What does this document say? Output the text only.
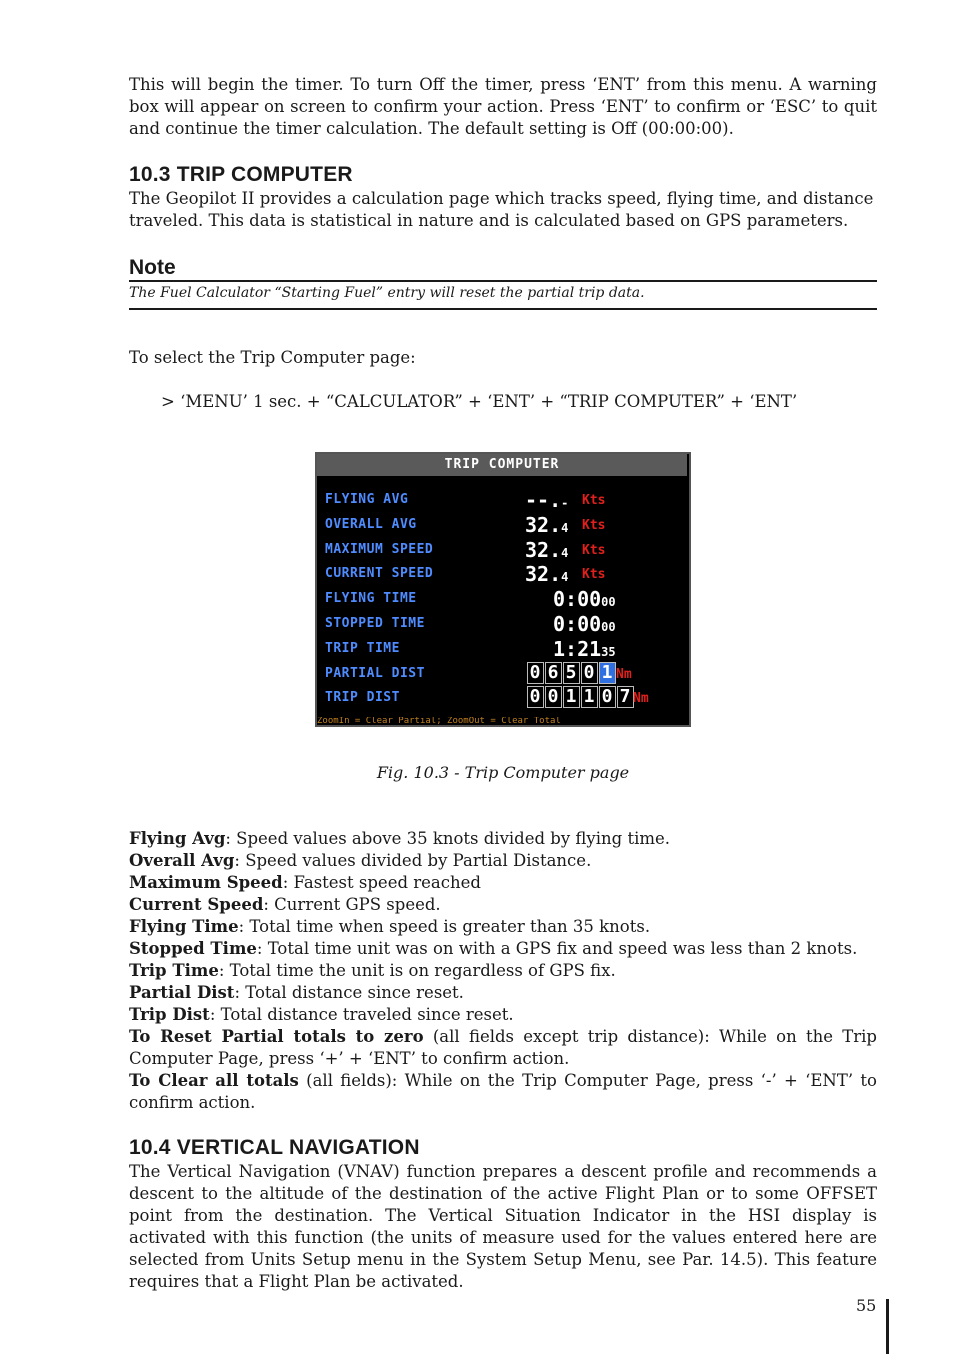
This will begin the timer. To turn Off the timer, press ‘ENT’ from this menu. A warning box will appear on screen to confirm your action. Press ‘ENT’ to confirm or ‘ESC’ to quit and continue the timer calculation. The default setting is Off (00:00:00).

10.3 TRIP COMPUTER

The Geopilot II provides a calculation page which tracks speed, flying time, and distance traveled. This data is statistical in nature and is calculated based on GPS parameters.

Note
The Fuel Calculator “Starting Fuel” entry will reset the partial trip data.

To select the Trip Computer page:

> ‘MENU’ 1 sec. + “CALCULATOR” + ‘ENT’ + “TRIP COMPUTER” + ‘ENT’

Fig. 10.3 - Trip Computer page

Flying Avg: Speed values above 35 knots divided by flying time.

Overall Avg: Speed values divided by Partial Distance.

Maximum Speed: Fastest speed reached

Current Speed: Current GPS speed.

Flying Time: Total time when speed is greater than 35 knots.

Stopped Time: Total time unit was on with a GPS fix and speed was less than 2 knots.

Trip Time: Total time the unit is on regardless of GPS fix.

Partial Dist: Total distance since reset.

Trip Dist: Total distance traveled since reset.

To Reset Partial totals to zero (all fields except trip distance): While on the Trip Computer Page, press ‘+’ + ‘ENT’ to confirm action.

To Clear all totals (all fields): While on the Trip Computer Page, press ‘-’ + ‘ENT’ to confirm action.

10.4 VERTICAL NAVIGATION

The Vertical Navigation (VNAV) function prepares a descent profile and recommends a descent to the altitude of the destination of the active Flight Plan or to some OFFSET point from the destination. The Vertical Situation Indicator in the HSI display is activated with this function (the units of measure used for the values entered here are selected from Units Setup menu in the System Setup Menu, see Par. 14.5). This feature requires that a Flight Plan be activated.

TRIP COMPUTER
FLYING AVG	--.- Kts
OVERALL AVG	32.4 Kts
MAXIMUM SPEED	32.4 Kts
CURRENT SPEED	32.4 Kts
FLYING TIME	0:0000
STOPPED TIME	0:0000
TRIP TIME	1:2135
PARTIAL DIST	0 6 5 0 1 Nm
TRIP DIST	0 0 1 1 0 7 Nm
ZoomIn = Clear Partial; ZoomOut = Clear Total
55
